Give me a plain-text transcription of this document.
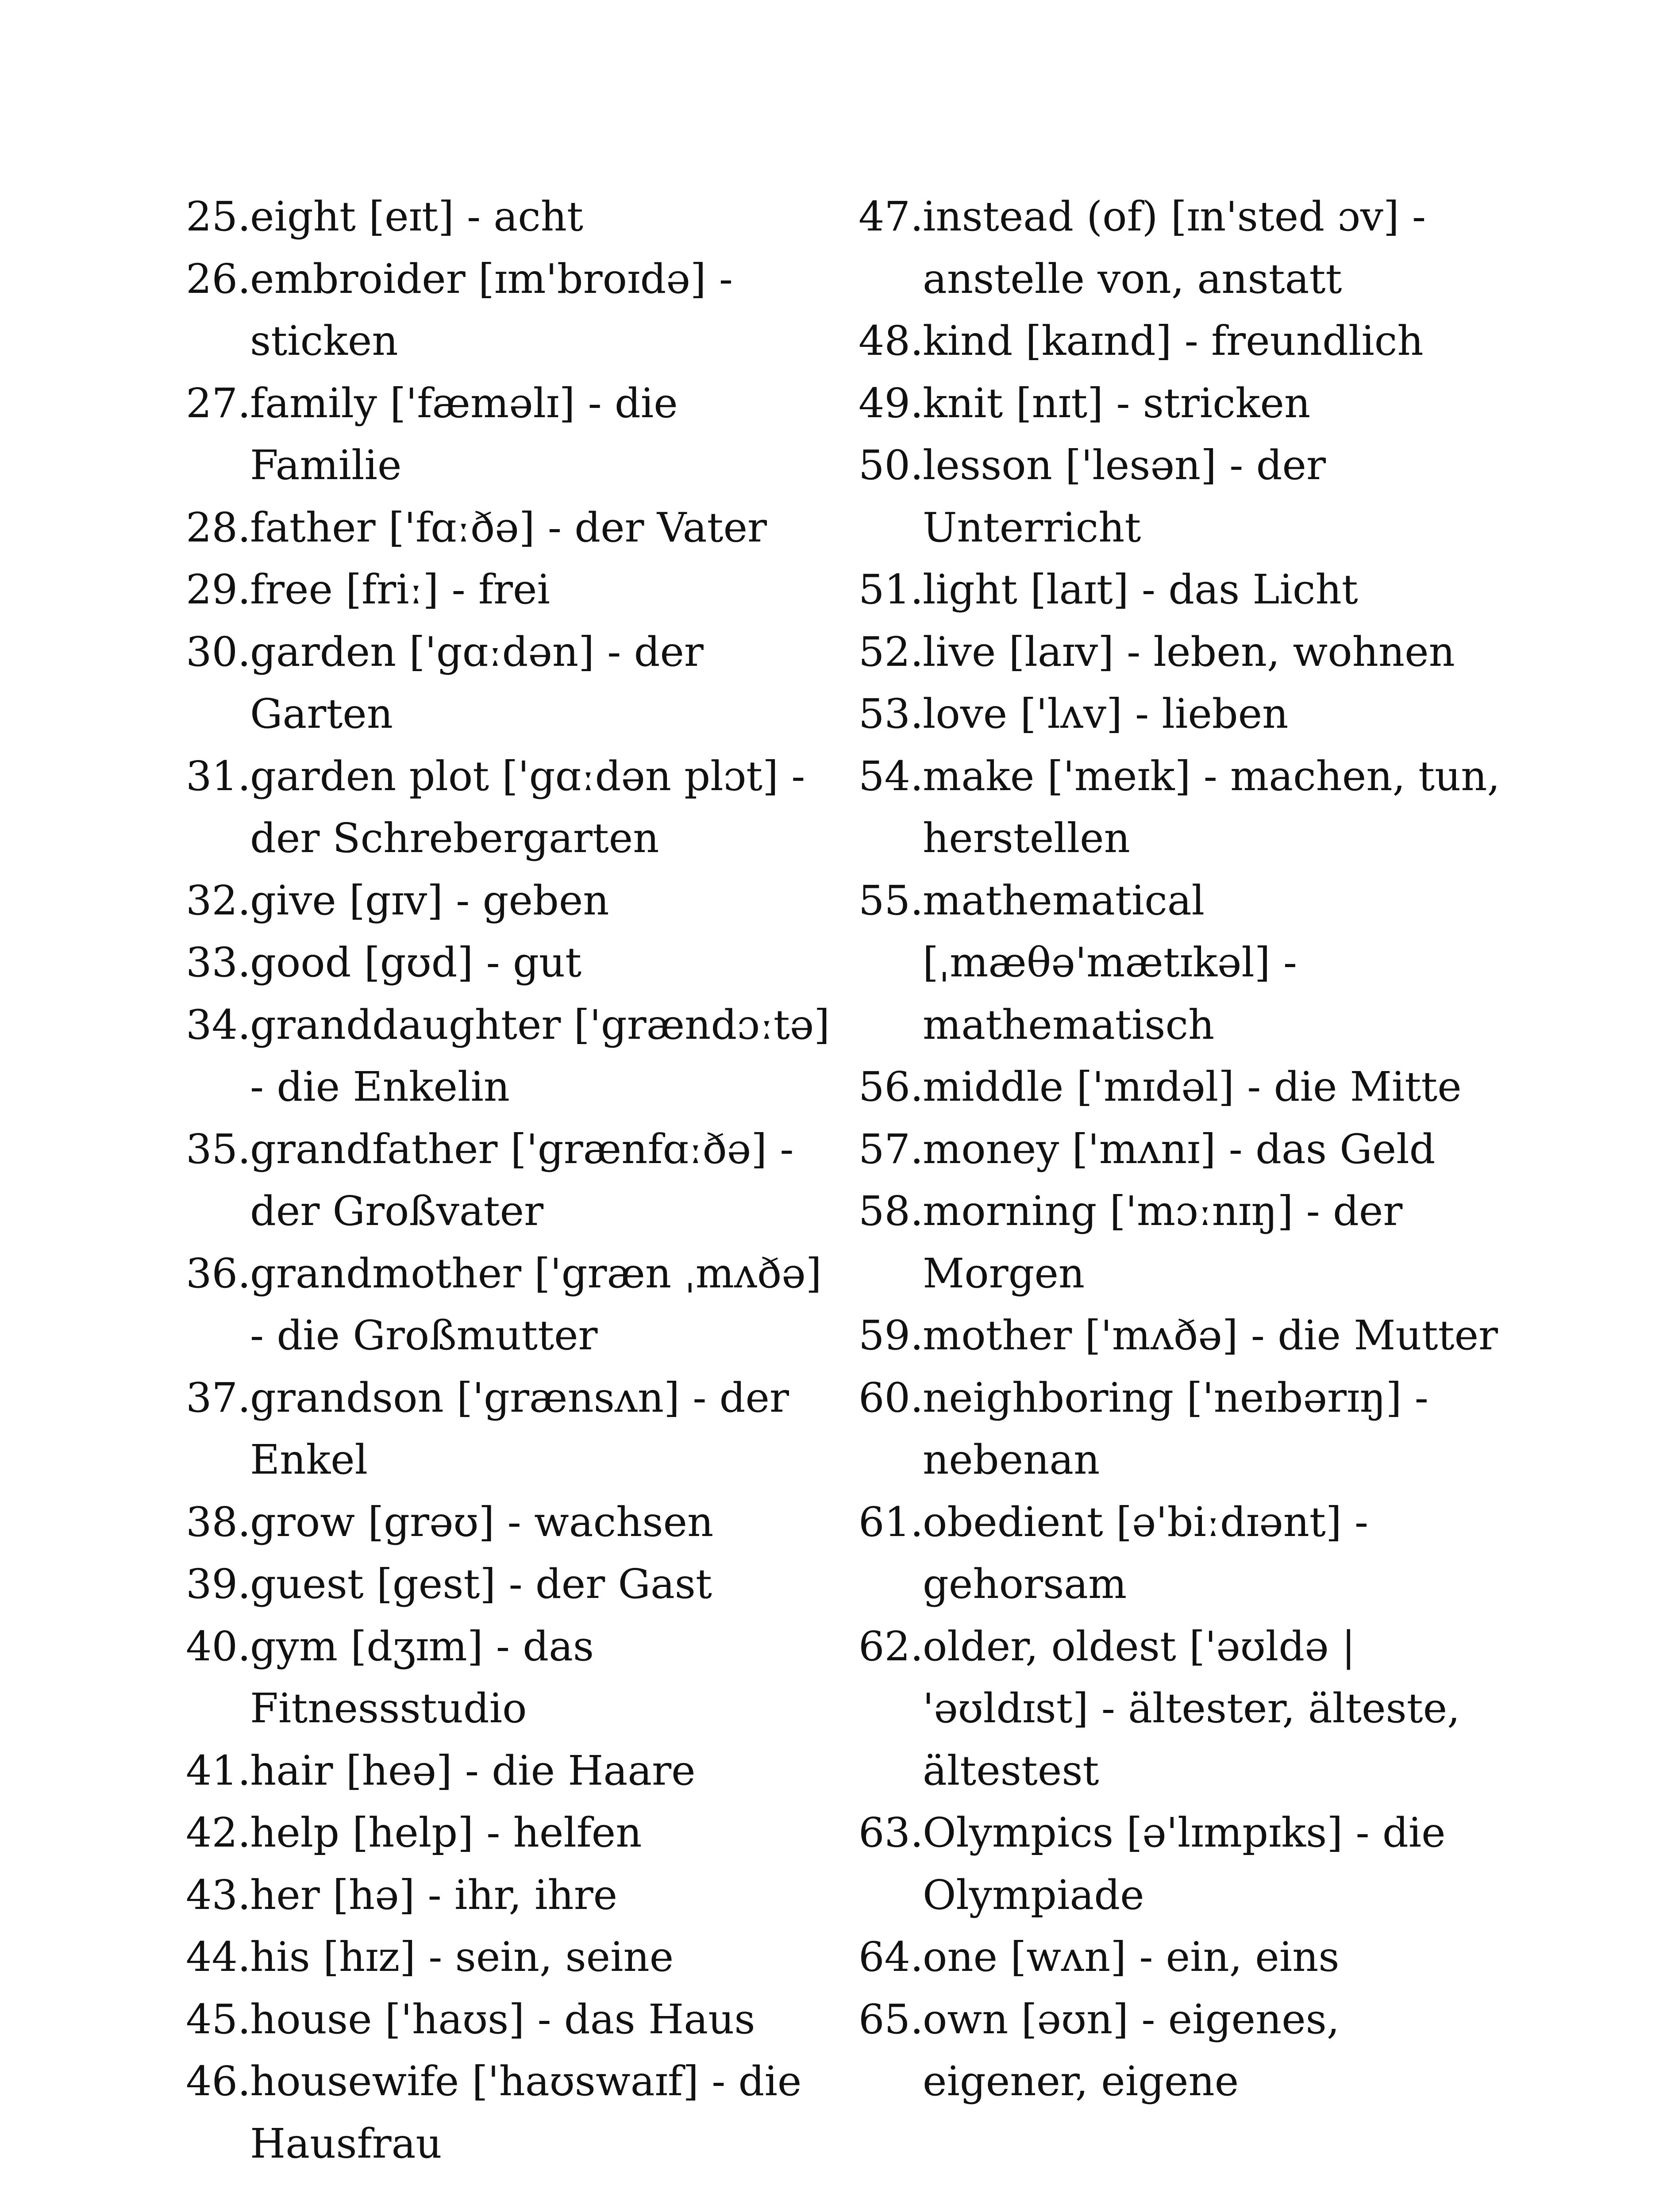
25.
eight [eɪt] - acht
26.
embroider [ɪm'broɪdə] - sticken
27.
family ['fæməlɪ] - die Familie
28.
father ['fɑːðə] - der Vater
29.
free [friː] - frei
30.
garden ['gɑːdən] - der Garten
31.
garden plot ['gɑːdən plɔt] - der Schrebergarten
32.
give [gɪv] - geben
33.
good [gʊd] - gut
34.
granddaughter ['grændɔːtə] - die Enkelin
35.
grandfather ['grænfɑːðə] - der Großvater
36.
grandmother ['græn ˌmʌðə] - die Großmutter
37.
grandson ['grænsʌn] - der Enkel
38.
grow [grəʊ] - wachsen
39.
guest [gest] - der Gast
40.
gym [dʒɪm] - das Fitnessstudio
41.
hair [heə] - die Haare
42.
help [help] - helfen
43.
her [hə] - ihr, ihre
44.
his [hɪz] - sein, seine
45.
house ['haʊs] - das Haus
46.
housewife ['haʊswaɪf] - die Hausfrau
47.
instead (of) [ɪn'sted ɔv] - anstelle von, anstatt
48.
kind [kaɪnd] - freundlich
49.
knit [nɪt] - stricken
50.
lesson ['lesən] - der Unterricht
51.
light [laɪt] - das Licht
52.
live [laɪv] - leben, wohnen
53.
love ['lʌv] - lieben
54.
make ['meɪk] - machen, tun, herstellen
55.
mathematical [ˌmæθə'mætɪkəl] - mathematisch
56.
middle ['mɪdəl] - die Mitte
57.
money ['mʌnɪ] - das Geld
58.
morning ['mɔːnɪŋ] - der Morgen
59.
mother ['mʌðə] - die Mutter
60.
neighboring ['neɪbərɪŋ] - nebenan
61.
obedient [ə'biːdɪənt] - gehorsam
62.
older, oldest ['əʊldə | 'əʊldɪst] - ältester, älteste, ältestest
63.
Olympics [ə'lɪmpɪks] - die Olympiade
64.
one [wʌn] - ein, eins
65.
own [əʊn] - eigenes, eigener, eigene
